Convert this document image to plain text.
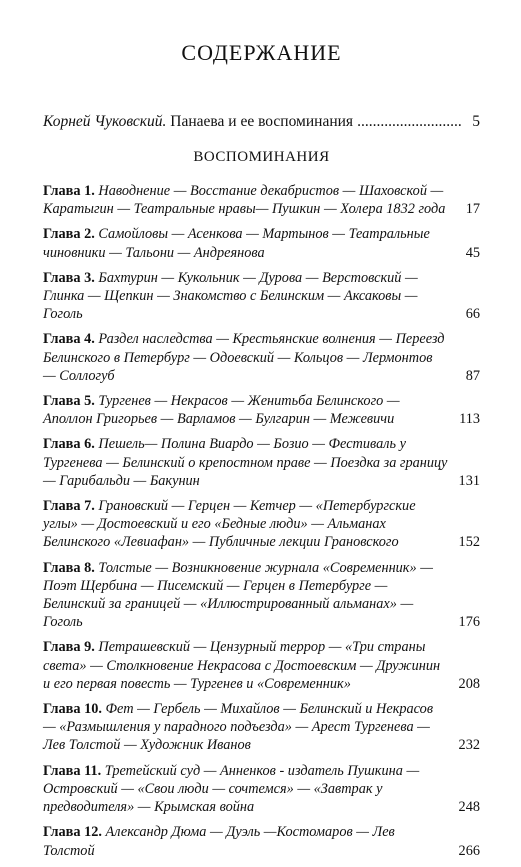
СОДЕРЖАНИЕ
Корней Чуковский. Панаева и ее воспоминания .....	5
ВОСПОМИНАНИЯ
Глава 1. Наводнение — Восстание декабристов — Шаховской — Каратыгин — Театральные нравы— Пушкин — Холера 1832 года	17
Глава 2. Самойловы — Асенкова — Мартынов — Театральные чиновники — Тальони — Андреянова	45
Глава 3. Бахтурин — Кукольник — Дурова — Верстовский — Глинка — Щепкин — Знакомство с Белинским — Аксаковы — Гоголь	66
Глава 4. Раздел наследства — Крестьянские волнения — Переезд Белинского в Петербург — Одоевский — Кольцов — Лермонтов — Соллогуб	87
Глава 5. Тургенев — Некрасов — Женитьба Белинского — Аполлон Григорьев — Варламов — Булгарин — Межевичи	113
Глава 6. Пешель— Полина Виардо — Бозио — Фестиваль у Тургенева — Белинский о крепостном праве — Поездка за границу — Гарибальди — Бакунин	131
Глава 7. Грановский — Герцен — Кетчер — «Петербургские углы» — Достоевский и его «Бедные люди» — Альманах Белинского «Левиафан» — Публичные лекции Грановского	152
Глава 8. Толстые — Возникновение журнала «Современник» — Поэт Щербина — Писемский — Герцен в Петербурге — Белинский за границей — «Иллюстрированный альманах» — Гоголь	176
Глава 9. Петрашевский — Цензурный террор — «Три страны света» — Столкновение Некрасова с Достоевским — Дружинин и его первая повесть — Тургенев и «Современник»	208
Глава 10. Фет — Гербель — Михайлов — Белинский и Некрасов — «Размышления у парадного подъезда» — Арест Тургенева — Лев Толстой — Художник Иванов	232
Глава 11. Третейский суд — Анненков - издатель Пушкина — Островский — «Свои люди — сочтемся» — «Завтрак у предводителя» — Крымская война	248
Глава 12. Александр Дюма — Дуэль —Костомаров — Лев Толстой	266
